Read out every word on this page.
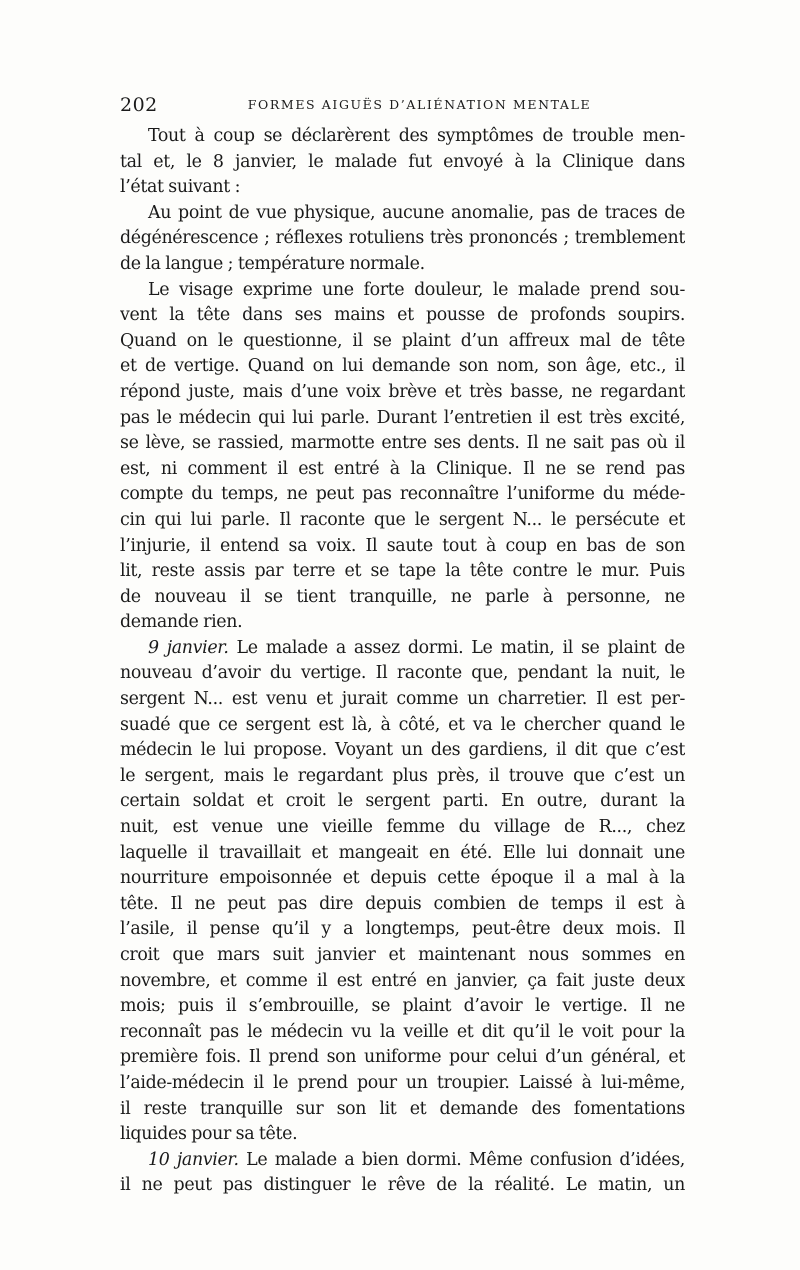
202	FORMES AIGUËS D’ALIÉNATION MENTALE
Tout à coup se déclarèrent des symptômes de trouble men-
tal et, le 8 janvier, le malade fut envoyé à la Clinique dans
l’état suivant :
Au point de vue physique, aucune anomalie, pas de traces de
dégénérescence ; réflexes rotuliens très prononcés ; tremblement
de la langue ; température normale.
Le visage exprime une forte douleur, le malade prend sou-
vent la tête dans ses mains et pousse de profonds soupirs.
Quand on le questionne, il se plaint d’un affreux mal de tête
et de vertige. Quand on lui demande son nom, son âge, etc., il
répond juste, mais d’une voix brève et très basse, ne regardant
pas le médecin qui lui parle. Durant l’entretien il est très excité,
se lève, se rassied, marmotte entre ses dents. Il ne sait pas où il
est, ni comment il est entré à la Clinique. Il ne se rend pas
compte du temps, ne peut pas reconnaître l’uniforme du méde-
cin qui lui parle. Il raconte que le sergent N... le persécute et
l’injurie, il entend sa voix. Il saute tout à coup en bas de son
lit, reste assis par terre et se tape la tête contre le mur. Puis
de nouveau il se tient tranquille, ne parle à personne, ne
demande rien.
9 janvier. Le malade a assez dormi. Le matin, il se plaint de
nouveau d’avoir du vertige. Il raconte que, pendant la nuit, le
sergent N... est venu et jurait comme un charretier. Il est per-
suadé que ce sergent est là, à côté, et va le chercher quand le
médecin le lui propose. Voyant un des gardiens, il dit que c’est
le sergent, mais le regardant plus près, il trouve que c’est un
certain soldat et croit le sergent parti. En outre, durant la
nuit, est venue une vieille femme du village de R..., chez
laquelle il travaillait et mangeait en été. Elle lui donnait une
nourriture empoisonnée et depuis cette époque il a mal à la
tête. Il ne peut pas dire depuis combien de temps il est à
l’asile, il pense qu’il y a longtemps, peut-être deux mois. Il
croit que mars suit janvier et maintenant nous sommes en
novembre, et comme il est entré en janvier, ça fait juste deux
mois; puis il s’embrouille, se plaint d’avoir le vertige. Il ne
reconnaît pas le médecin vu la veille et dit qu’il le voit pour la
première fois. Il prend son uniforme pour celui d’un général, et
l’aide-médecin il le prend pour un troupier. Laissé à lui-même,
il reste tranquille sur son lit et demande des fomentations
liquides pour sa tête.
10 janvier. Le malade a bien dormi. Même confusion d’idées,
il ne peut pas distinguer le rêve de la réalité. Le matin, un
